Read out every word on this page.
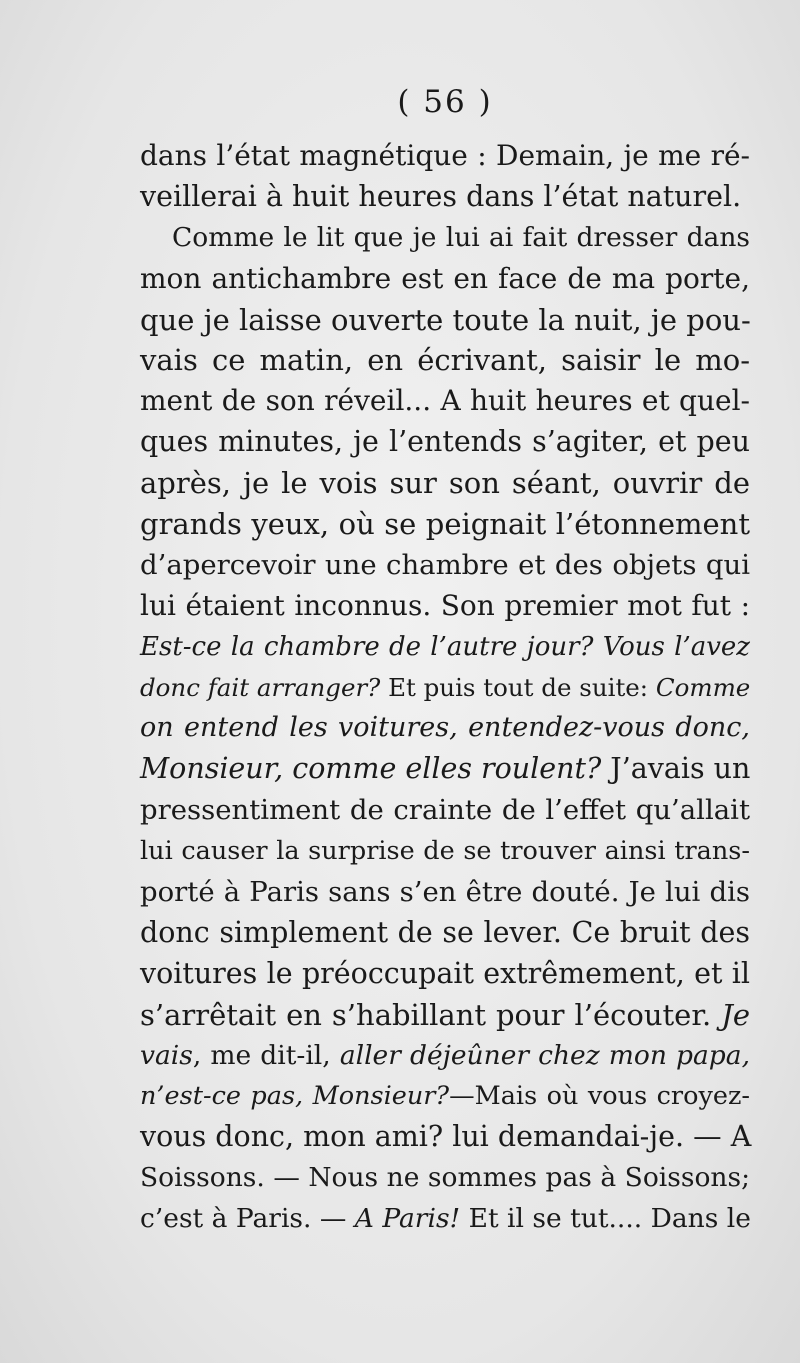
( 56 )
dans l’état magnétique : Demain, je me ré-
veillerai à huit heures dans l’état naturel.
Comme le lit que je lui ai fait dresser dans
mon antichambre est en face de ma porte,
que je laisse ouverte toute la nuit, je pou-
vais ce matin, en écrivant, saisir le mo-
ment de son réveil... A huit heures et quel-
ques minutes, je l’entends s’agiter, et peu
après, je le vois sur son séant, ouvrir de
grands yeux, où se peignait l’étonnement
d’apercevoir une chambre et des objets qui
lui étaient inconnus. Son premier mot fut :
Est-ce la chambre de l’autre jour? Vous l’avez
donc fait arranger? Et puis tout de suite: Comme
on entend les voitures, entendez-vous donc,
Monsieur, comme elles roulent? J’avais un
pressentiment de crainte de l’effet qu’allait
lui causer la surprise de se trouver ainsi trans-
porté à Paris sans s’en être douté. Je lui dis
donc simplement de se lever. Ce bruit des
voitures le préoccupait extrêmement, et il
s’arrêtait en s’habillant pour l’écouter. Je
vais, me dit-il, aller déjeûner chez mon papa,
n’est-ce pas, Monsieur?—Mais où vous croyez-
vous donc, mon ami? lui demandai-je. — A
Soissons. — Nous ne sommes pas à Soissons;
c’est à Paris. — A Paris! Et il se tut.... Dans le
